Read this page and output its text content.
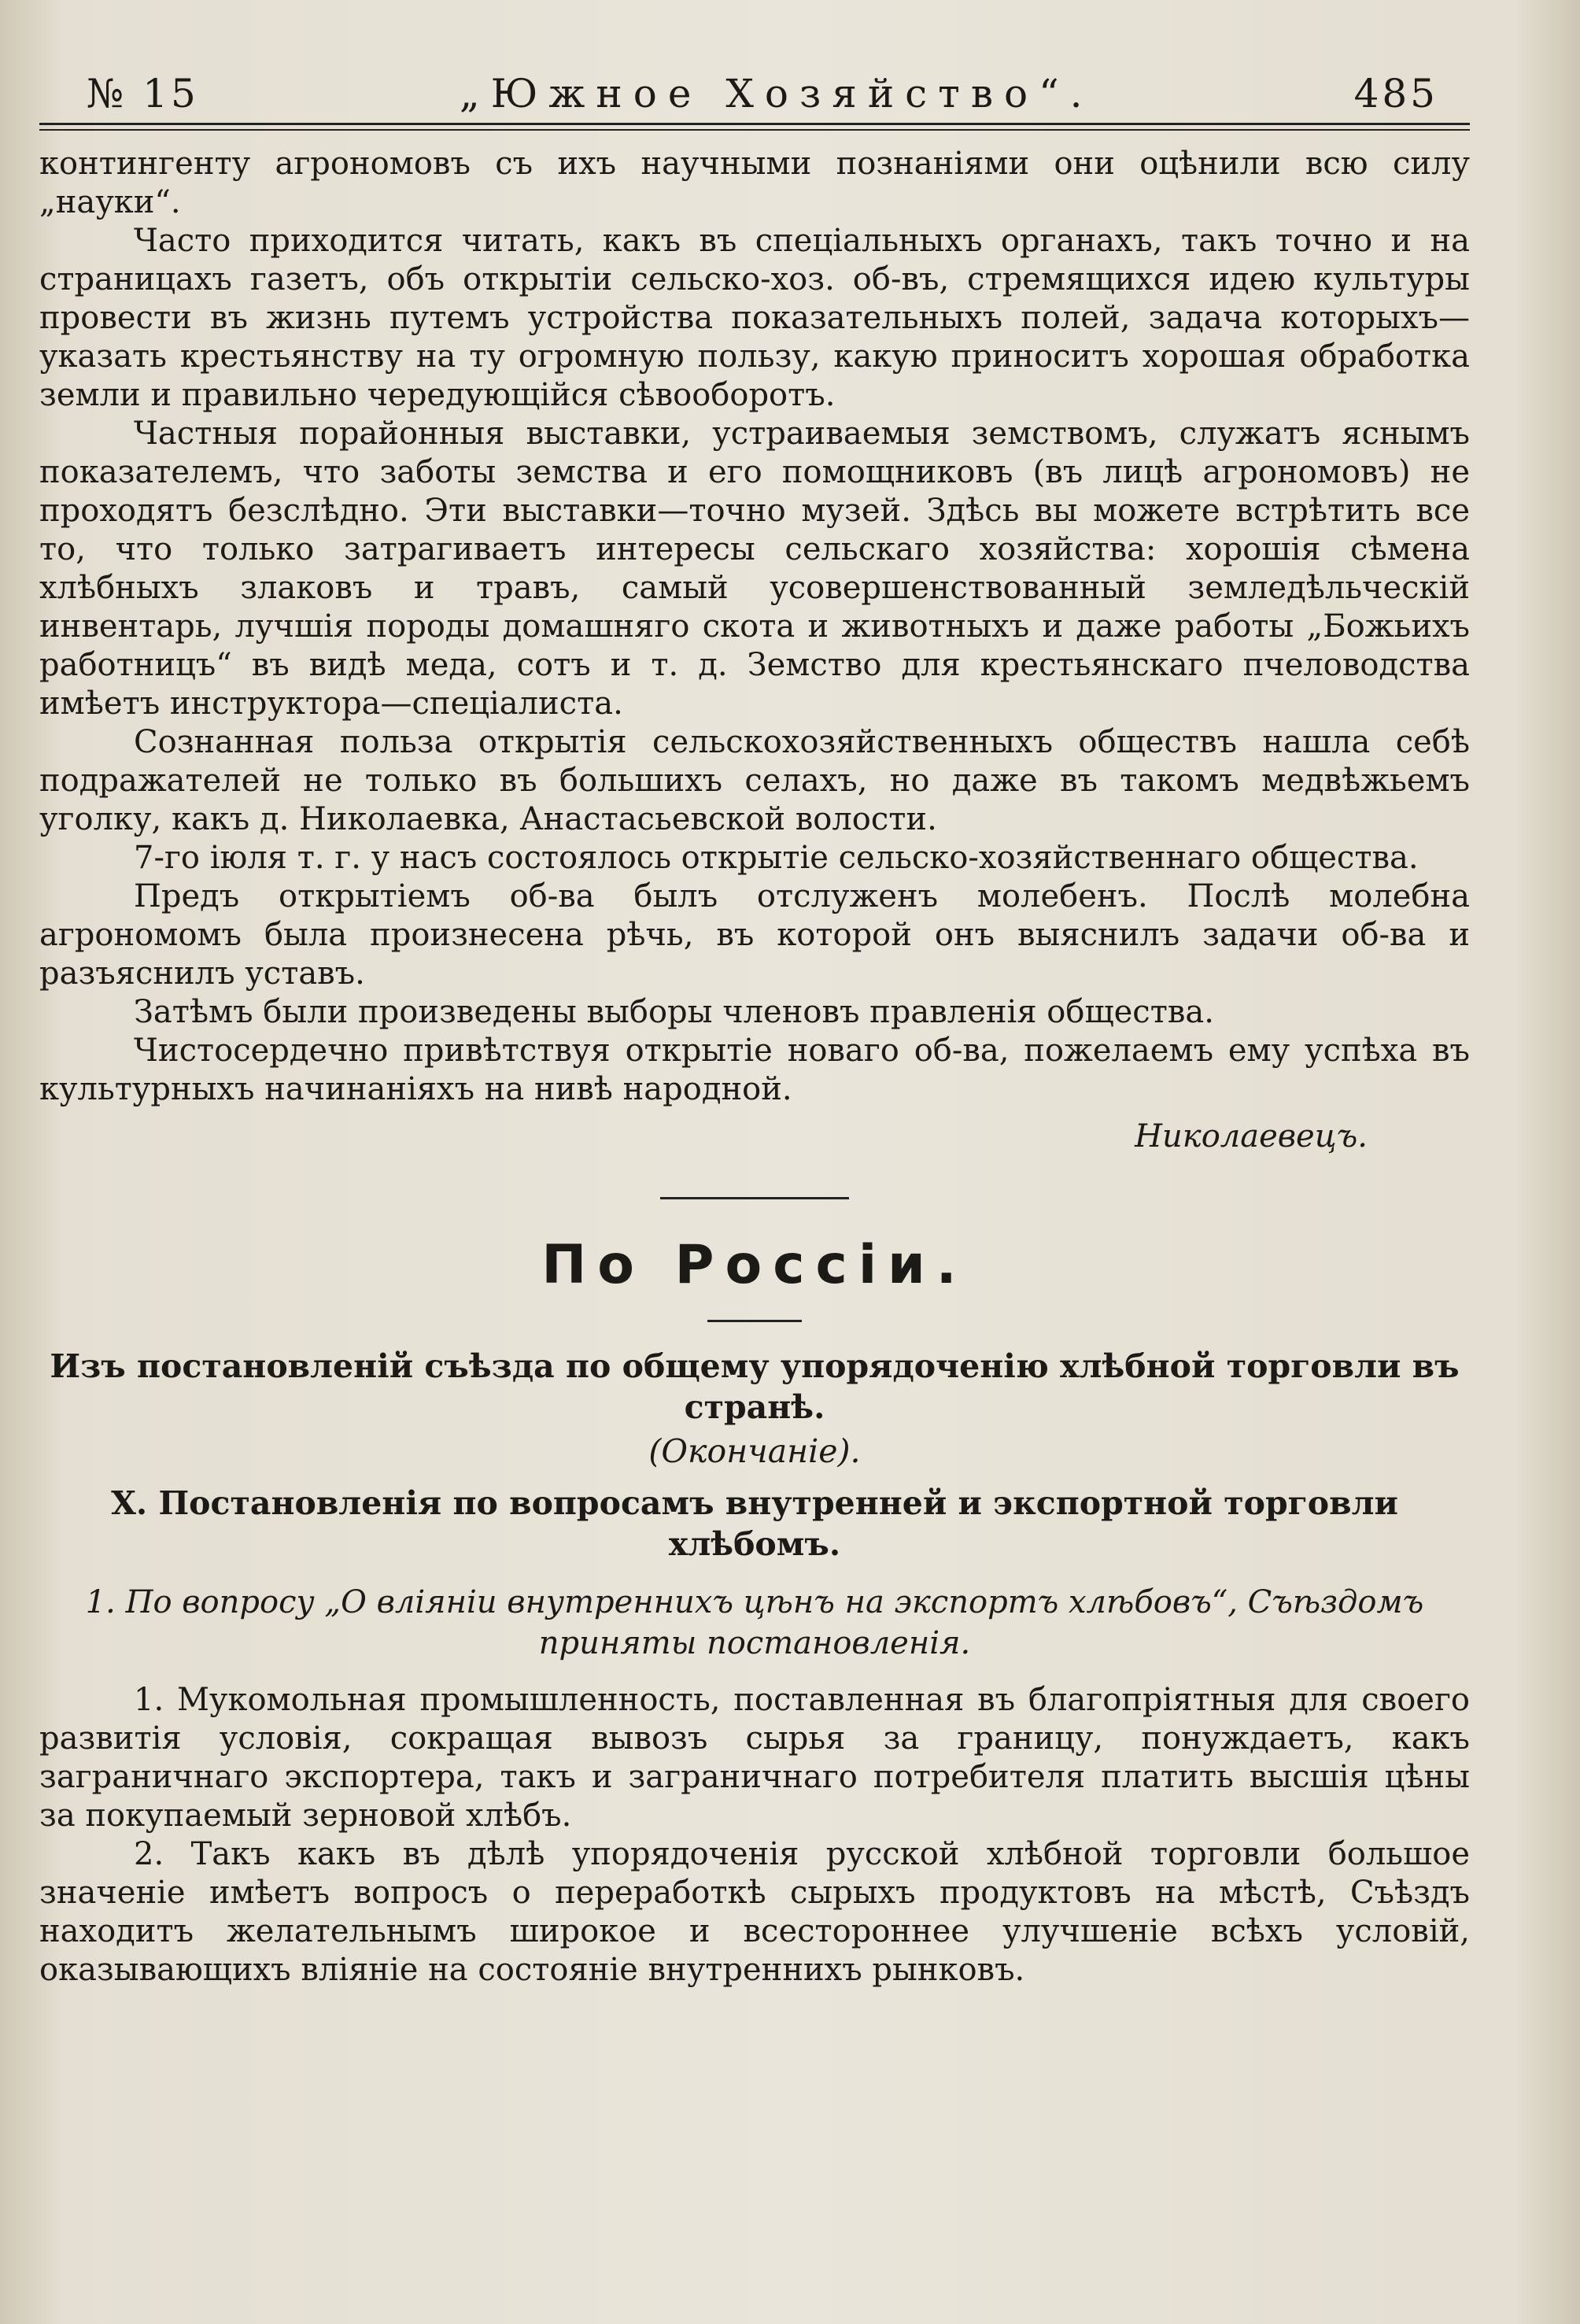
№ 15	„Южное Хозяйство“.	485

контингенту агрономовъ съ ихъ научными познаніями они оцѣнили всю силу „науки“.

Часто приходится читать, какъ въ спеціальныхъ органахъ, такъ точно и на страницахъ газетъ, объ открытіи сельско-хоз. об-въ, стремящихся идею культуры провести въ жизнь путемъ устройства показательныхъ полей, задача которыхъ—указать крестьянству на ту огромную пользу, какую приноситъ хорошая обработка земли и правильно чередующійся сѣвооборотъ.

Частныя порайонныя выставки, устраиваемыя земствомъ, служатъ яснымъ показателемъ, что заботы земства и его помощниковъ (въ лицѣ агрономовъ) не проходятъ безслѣдно. Эти выставки—точно музей. Здѣсь вы можете встрѣтить все то, что только затрагиваетъ интересы сельскаго хозяйства: хорошія сѣмена хлѣбныхъ злаковъ и травъ, самый усовершенствованный земледѣльческій инвентарь, лучшія породы домашняго скота и животныхъ и даже работы „Божьихъ работницъ“ въ видѣ меда, сотъ и т. д. Земство для крестьянскаго пчеловодства имѣетъ инструктора—спеціалиста.

Сознанная польза открытія сельскохозяйственныхъ обществъ нашла себѣ подражателей не только въ большихъ селахъ, но даже въ такомъ медвѣжьемъ уголку, какъ д. Николаевка, Анастасьевской волости.

7-го іюля т. г. у насъ состоялось открытіе сельско-хозяйственнаго общества.

Предъ открытіемъ об-ва былъ отслуженъ молебенъ. Послѣ молебна агрономомъ была произнесена рѣчь, въ которой онъ выяснилъ задачи об-ва и разъяснилъ уставъ.

Затѣмъ были произведены выборы членовъ правленія общества.

Чистосердечно привѣтствуя открытіе новаго об-ва, пожелаемъ ему успѣха въ культурныхъ начинаніяхъ на нивѣ народной.

Николаевецъ.

По Россіи.

Изъ постановленій съѣзда по общему упорядоченію хлѣбной торговли въ странѣ.

(Окончаніе).

X. Постановленія по вопросамъ внутренней и экспортной торговли хлѣбомъ.

1. По вопросу „О вліяніи внутреннихъ цѣнъ на экспортъ хлѣбовъ“, Съѣздомъ приняты постановленія.

1. Мукомольная промышленность, поставленная въ благопріятныя для своего развитія условія, сокращая вывозъ сырья за границу, понуждаетъ, какъ заграничнаго экспортера, такъ и заграничнаго потребителя платить высшія цѣны за покупаемый зерновой хлѣбъ.

2. Такъ какъ въ дѣлѣ упорядоченія русской хлѣбной торговли большое значеніе имѣетъ вопросъ о переработкѣ сырыхъ продуктовъ на мѣстѣ, Съѣздъ находитъ желательнымъ широкое и всестороннее улучшеніе всѣхъ условій, оказывающихъ вліяніе на состояніе внутреннихъ рынковъ.
